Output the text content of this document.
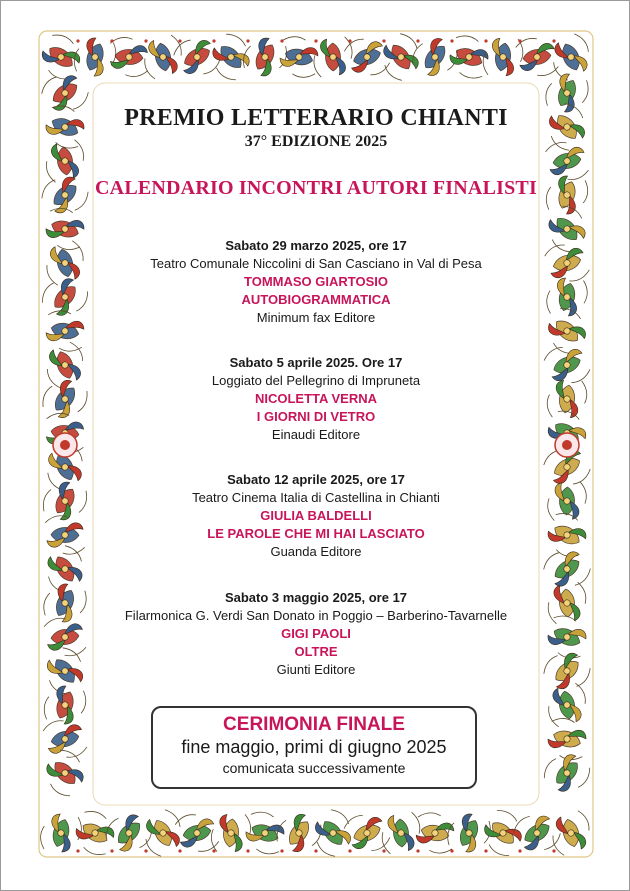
PREMIO LETTERARIO CHIANTI
37° EDIZIONE 2025
CALENDARIO INCONTRI AUTORI FINALISTI
Sabato 29 marzo 2025, ore 17
Teatro Comunale Niccolini di San Casciano in Val di Pesa
TOMMASO GIARTOSIO
AUTOBIOGRAMMATICA
Minimum fax Editore
Sabato 5 aprile 2025. Ore 17
Loggiato del Pellegrino di Impruneta
NICOLETTA VERNA
I GIORNI DI VETRO
Einaudi Editore
Sabato 12 aprile 2025, ore 17
Teatro Cinema Italia di Castellina in Chianti
GIULIA BALDELLI
LE PAROLE CHE MI HAI LASCIATO
Guanda Editore
Sabato 3 maggio 2025, ore 17
Filarmonica G. Verdi San Donato in Poggio – Barberino-Tavarnelle
GIGI PAOLI
OLTRE
Giunti Editore
CERIMONIA FINALE
fine maggio, primi di giugno 2025
comunicata successivamente
